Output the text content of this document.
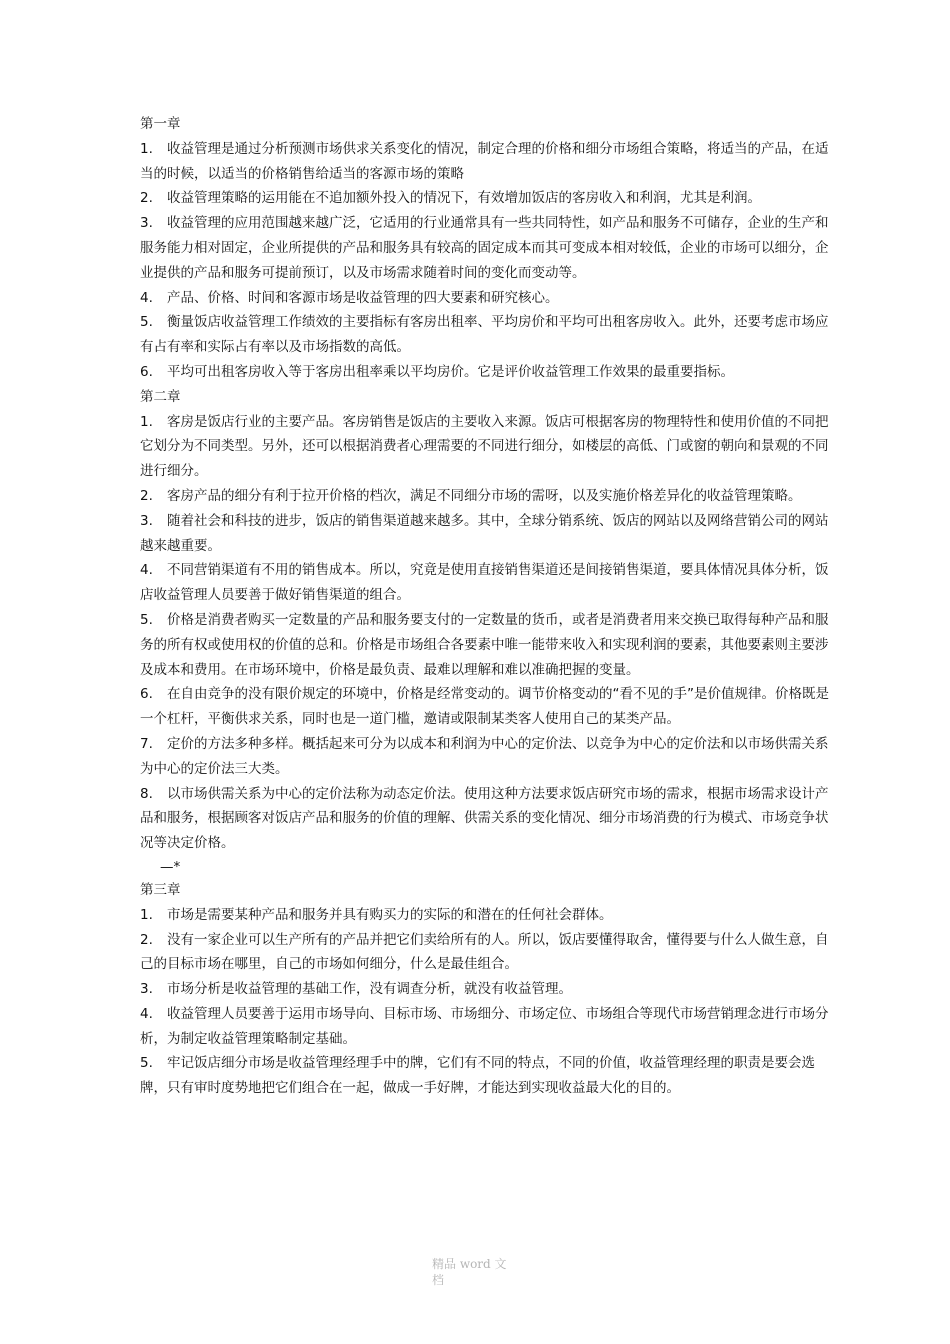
第一章

1. 收益管理是通过分析预测市场供求关系变化的情况，制定合理的价格和细分市场组合策略，将适当的产品，在适当的时候，以适当的价格销售给适当的客源市场的策略

2. 收益管理策略的运用能在不追加额外投入的情况下，有效增加饭店的客房收入和利润，尤其是利润。

3. 收益管理的应用范围越来越广泛，它适用的行业通常具有一些共同特性，如产品和服务不可储存，企业的生产和服务能力相对固定，企业所提供的产品和服务具有较高的固定成本而其可变成本相对较低，企业的市场可以细分，企业提供的产品和服务可提前预订，以及市场需求随着时间的变化而变动等。

4. 产品、价格、时间和客源市场是收益管理的四大要素和研究核心。

5. 衡量饭店收益管理工作绩效的主要指标有客房出租率、平均房价和平均可出租客房收入。此外，还要考虑市场应有占有率和实际占有率以及市场指数的高低。

6. 平均可出租客房收入等于客房出租率乘以平均房价。它是评价收益管理工作效果的最重要指标。

第二章

1. 客房是饭店行业的主要产品。客房销售是饭店的主要收入来源。饭店可根据客房的物理特性和使用价值的不同把它划分为不同类型。另外，还可以根据消费者心理需要的不同进行细分，如楼层的高低、门或窗的朝向和景观的不同进行细分。

2. 客房产品的细分有利于拉开价格的档次，满足不同细分市场的需呀，以及实施价格差异化的收益管理策略。

3. 随着社会和科技的进步，饭店的销售渠道越来越多。其中，全球分销系统、饭店的网站以及网络营销公司的网站越来越重要。

4. 不同营销渠道有不用的销售成本。所以，究竟是使用直接销售渠道还是间接销售渠道，要具体情况具体分析，饭店收益管理人员要善于做好销售渠道的组合。

5. 价格是消费者购买一定数量的产品和服务要支付的一定数量的货币，或者是消费者用来交换已取得每种产品和服务的所有权或使用权的价值的总和。价格是市场组合各要素中唯一能带来收入和实现利润的要素，其他要素则主要涉及成本和费用。在市场环境中，价格是最负责、最难以理解和难以准确把握的变量。

6. 在自由竞争的没有限价规定的环境中，价格是经常变动的。调节价格变动的“看不见的手”是价值规律。价格既是一个杠杆，平衡供求关系，同时也是一道门槛，邀请或限制某类客人使用自己的某类产品。

7. 定价的方法多种多样。概括起来可分为以成本和利润为中心的定价法、以竞争为中心的定价法和以市场供需关系为中心的定价法三大类。

8. 以市场供需关系为中心的定价法称为动态定价法。使用这种方法要求饭店研究市场的需求，根据市场需求设计产品和服务，根据顾客对饭店产品和服务的价值的理解、供需关系的变化情况、细分市场消费的行为模式、市场竞争状况等决定价格。

—*

第三章

1. 市场是需要某种产品和服务并具有购买力的实际的和潜在的任何社会群体。

2. 没有一家企业可以生产所有的产品并把它们卖给所有的人。所以，饭店要懂得取舍，懂得要与什么人做生意，自己的目标市场在哪里，自己的市场如何细分，什么是最佳组合。

3. 市场分析是收益管理的基础工作，没有调查分析，就没有收益管理。

4. 收益管理人员要善于运用市场导向、目标市场、市场细分、市场定位、市场组合等现代市场营销理念进行市场分析，为制定收益管理策略制定基础。

5. 牢记饭店细分市场是收益管理经理手中的牌，它们有不同的特点，不同的价值，收益管理经理的职责是要会选牌，只有审时度势地把它们组合在一起，做成一手好牌，才能达到实现收益最大化的目的。

精品 word 文
档
